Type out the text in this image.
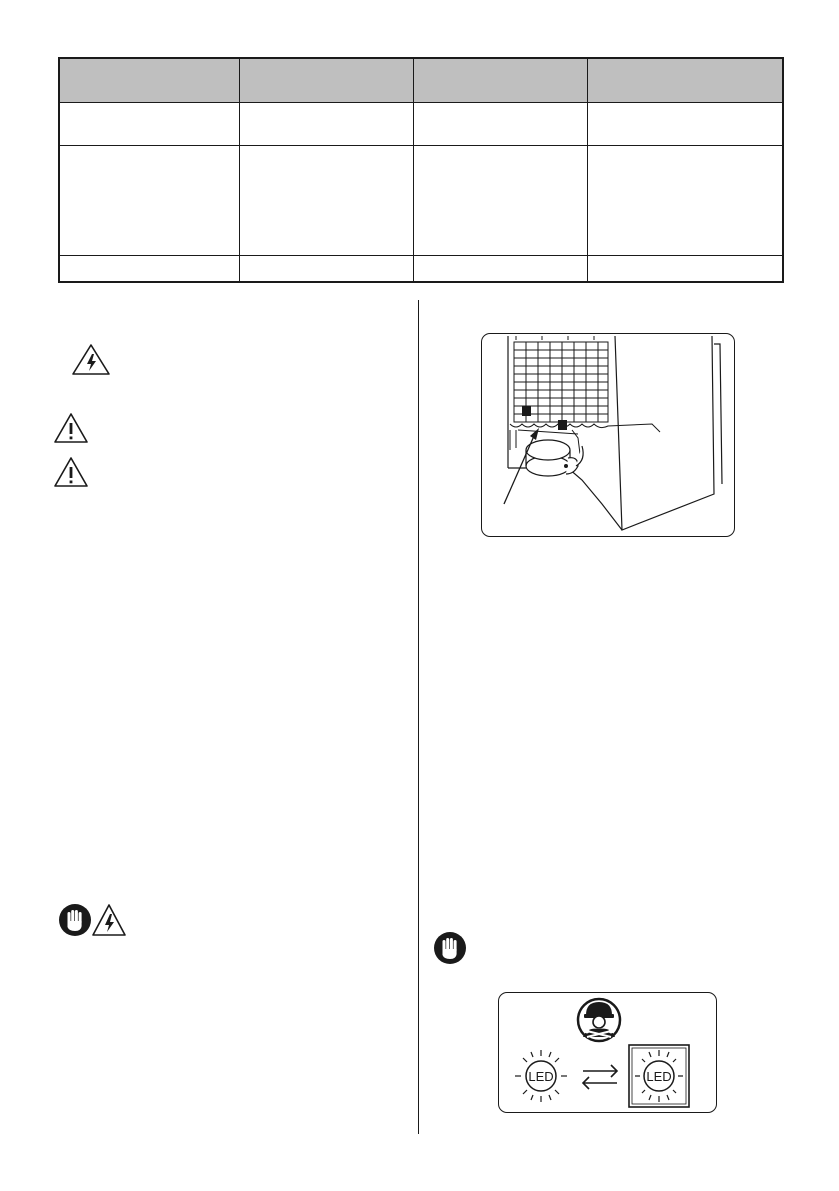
LED	LED
